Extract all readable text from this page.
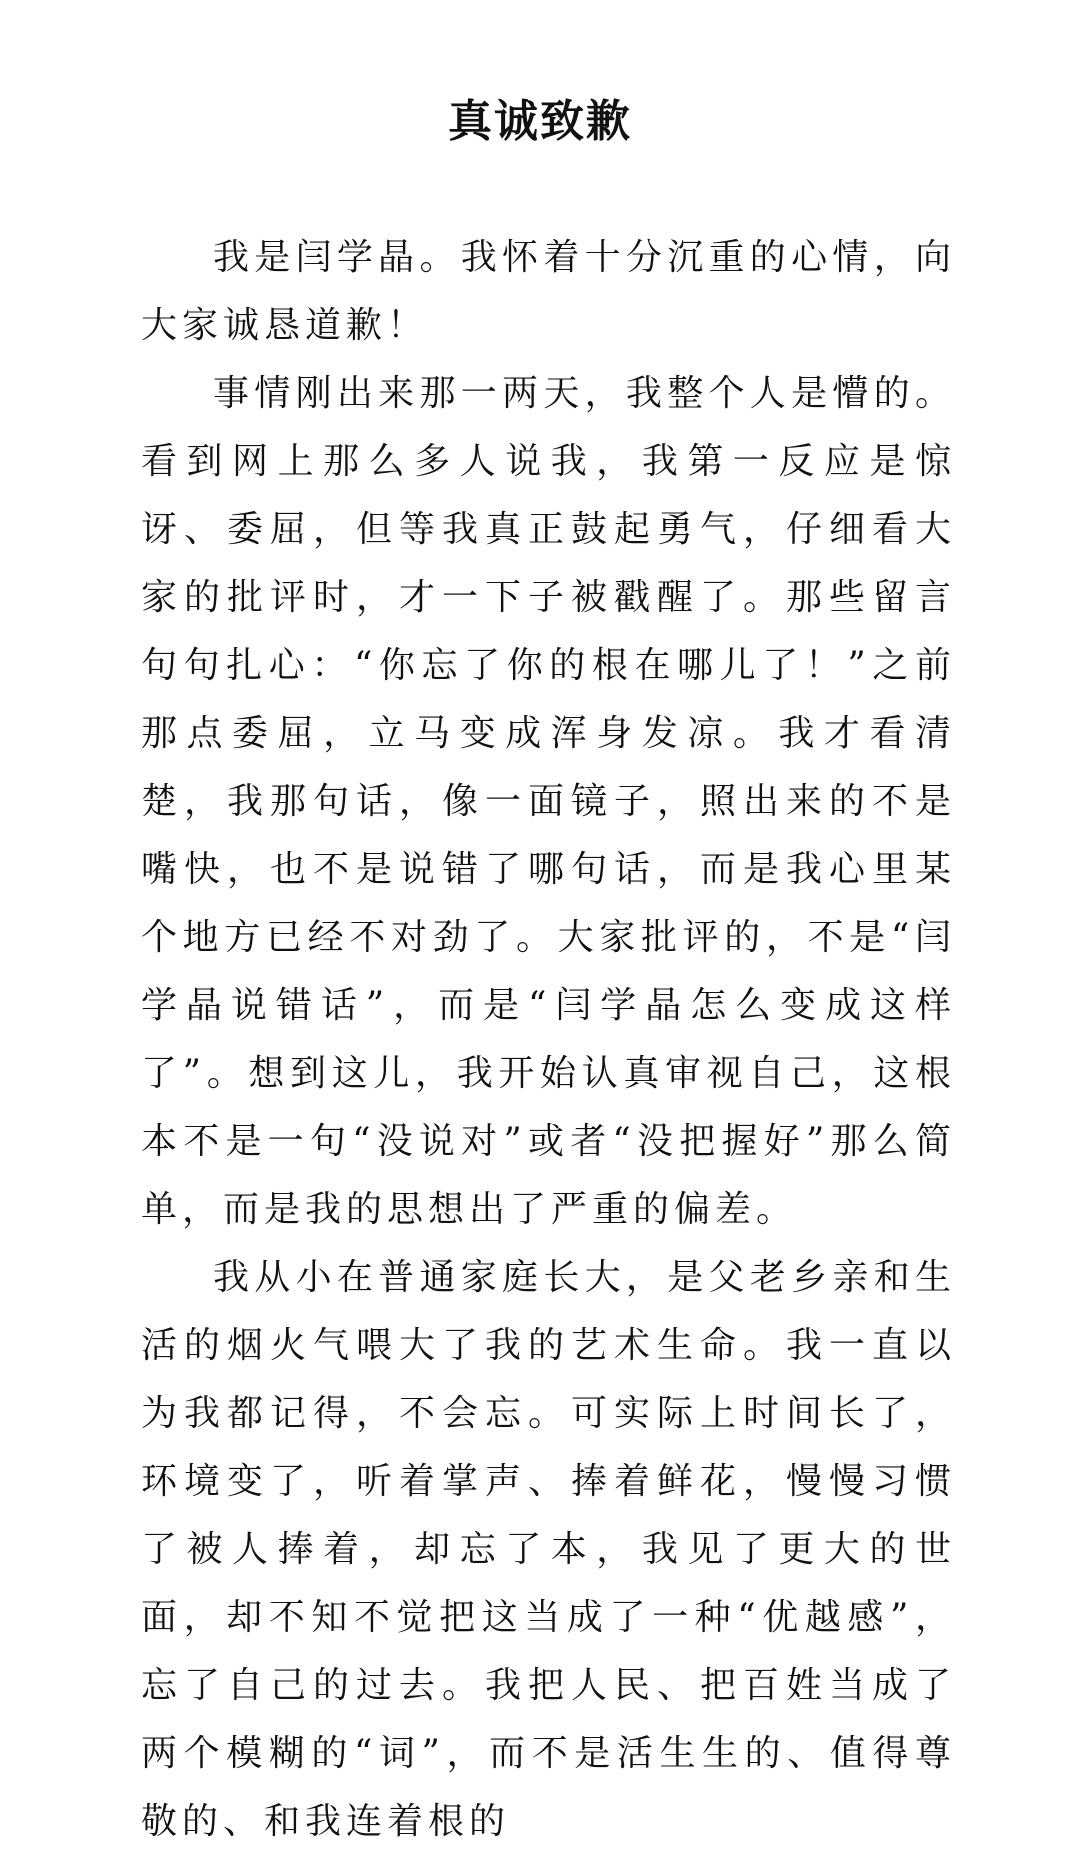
真诚致歉

我是闫学晶。我怀着十分沉重的心情，向大家诚恳道歉！

事情刚出来那一两天，我整个人是懵的。看到网上那么多人说我，我第一反应是惊讶、委屈，但等我真正鼓起勇气，仔细看大家的批评时，才一下子被戳醒了。那些留言句句扎心：“你忘了你的根在哪儿了！”之前那点委屈，立马变成浑身发凉。我才看清楚，我那句话，像一面镜子，照出来的不是嘴快，也不是说错了哪句话，而是我心里某个地方已经不对劲了。大家批评的，不是“闫学晶说错话”，而是“闫学晶怎么变成这样了”。想到这儿，我开始认真审视自己，这根本不是一句“没说对”或者“没把握好”那么简单，而是我的思想出了严重的偏差。

我从小在普通家庭长大，是父老乡亲和生活的烟火气喂大了我的艺术生命。我一直以为我都记得，不会忘。可实际上时间长了，环境变了，听着掌声、捧着鲜花，慢慢习惯了被人捧着，却忘了本，我见了更大的世面，却不知不觉把这当成了一种“优越感”，忘了自己的过去。我把人民、把百姓当成了两个模糊的“词”，而不是活生生的、值得尊敬的、和我连着根的
